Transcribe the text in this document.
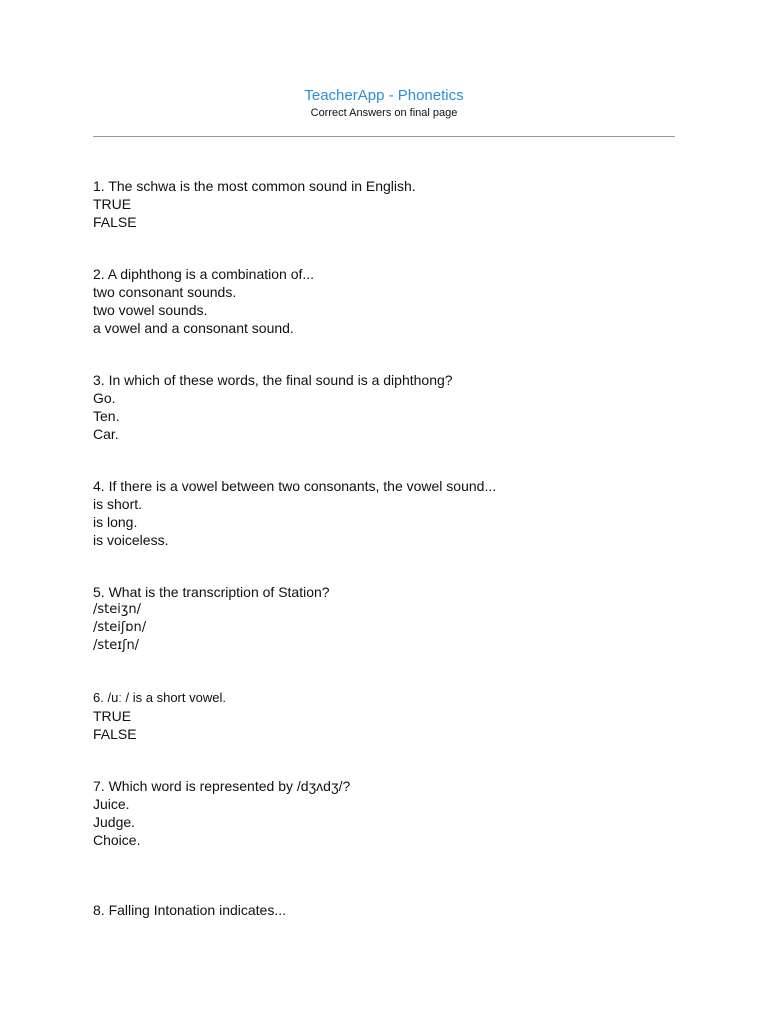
TeacherApp - Phonetics

Correct Answers on final page

1. The schwa is the most common sound in English.
TRUE
FALSE
2. A diphthong is a combination of...
two consonant sounds.
two vowel sounds.
a vowel and a consonant sound.
3. In which of these words, the final sound is a diphthong?
Go.
Ten.
Car.
4. If there is a vowel between two consonants, the vowel sound...
is short.
is long.
is voiceless.
5. What is the transcription of Station?
/steiʒn/
/steiʃɒn/
/steɪʃn/
6. /uː / is a short vowel.
TRUE
FALSE
7. Which word is represented by /dʒʌdʒ/?
Juice.
Judge.
Choice.
8. Falling Intonation indicates...
